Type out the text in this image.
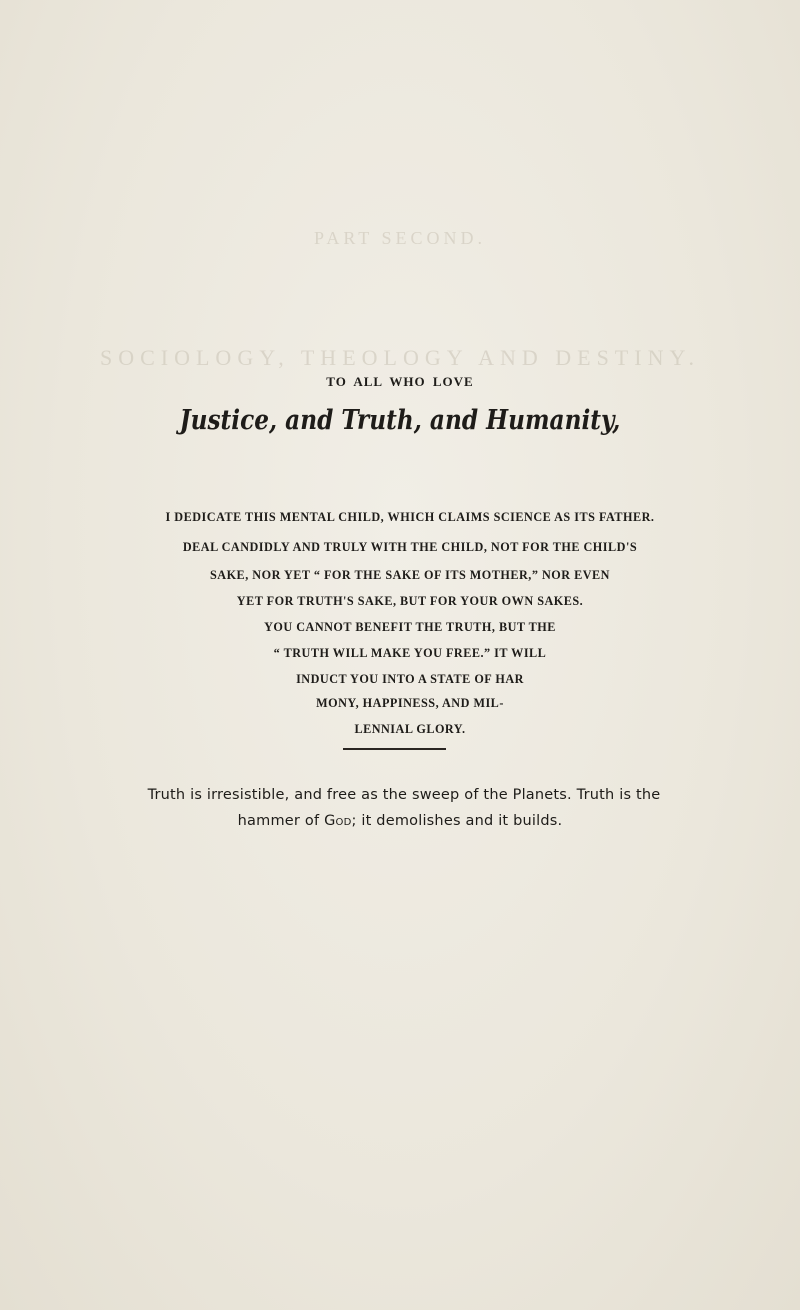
PART SECOND.
SOCIOLOGY, THEOLOGY AND DESTINY.
TO ALL WHO LOVE
Justice, and Truth, and Humanity,
I DEDICATE THIS MENTAL CHILD, WHICH CLAIMS SCIENCE AS ITS FATHER.
DEAL CANDIDLY AND TRULY WITH THE CHILD, NOT FOR THE CHILD'S
SAKE, NOR YET “ FOR THE SAKE OF ITS MOTHER,” NOR EVEN
YET FOR TRUTH'S SAKE, BUT FOR YOUR OWN SAKES.
YOU CANNOT BENEFIT THE TRUTH, BUT THE
“ TRUTH WILL MAKE YOU FREE.” IT WILL
INDUCT YOU INTO A STATE OF HAR
MONY, HAPPINESS, AND MIL-
LENNIAL GLORY.
Truth is irresistible, and free as the sweep of the Planets. Truth is the
hammer of God; it demolishes and it builds.
